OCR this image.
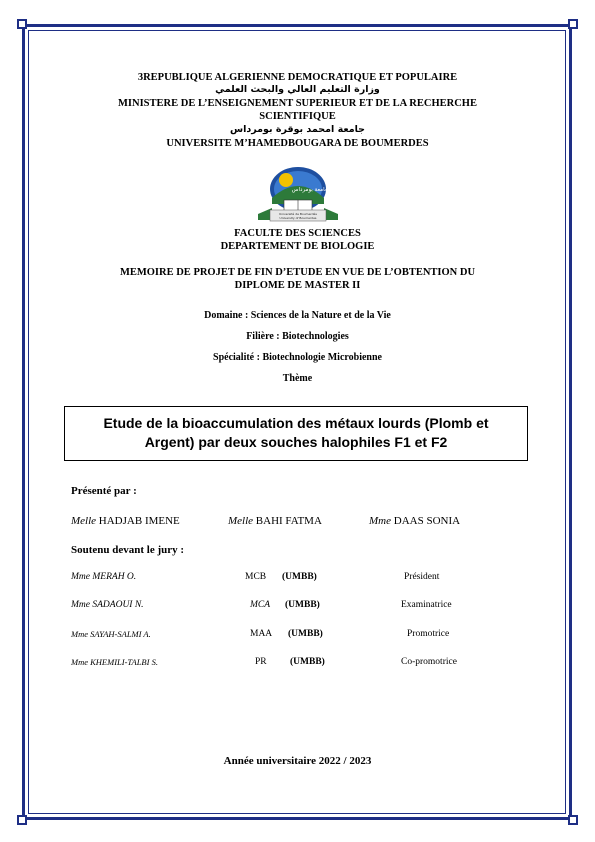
3REPUBLIQUE ALGERIENNE DEMOCRATIQUE ET POPULAIRE
وزارة التعليم العالي والبحث العلمي
MINISTERE DE L’ENSEIGNEMENT SUPERIEUR ET DE LA RECHERCHE
SCIENTIFIQUE
جامعة امحمد بوقرة بومرداس
UNIVERSITE M’HAMEDBOUGARA DE BOUMERDES
جامعة بومرداس
Université de Boumerdès
University of Boumerdes
FACULTE DES SCIENCES
DEPARTEMENT DE BIOLOGIE
MEMOIRE DE PROJET DE FIN D’ETUDE EN VUE DE L’OBTENTION DU
DIPLOME DE MASTER II
Domaine : Sciences de la Nature et de la Vie
Filière : Biotechnologies
Spécialité : Biotechnologie Microbienne
Thème
Etude de la bioaccumulation des métaux lourds (Plomb et
Argent) par deux souches halophiles F1 et F2
Présenté par :
Melle HADJAB IMENE	Melle BAHI FATMA	Mme DAAS SONIA
Soutenu devant le jury :
Mme MERAH O.	MCB (UMBB)	Président
Mme SADAOUI N.	MCA (UMBB)	Examinatrice
Mme SAYAH-SALMI A.	MAA (UMBB)	Promotrice
Mme KHEMILI-TALBI S.	PR (UMBB)	Co-promotrice
Année universitaire 2022 / 2023
